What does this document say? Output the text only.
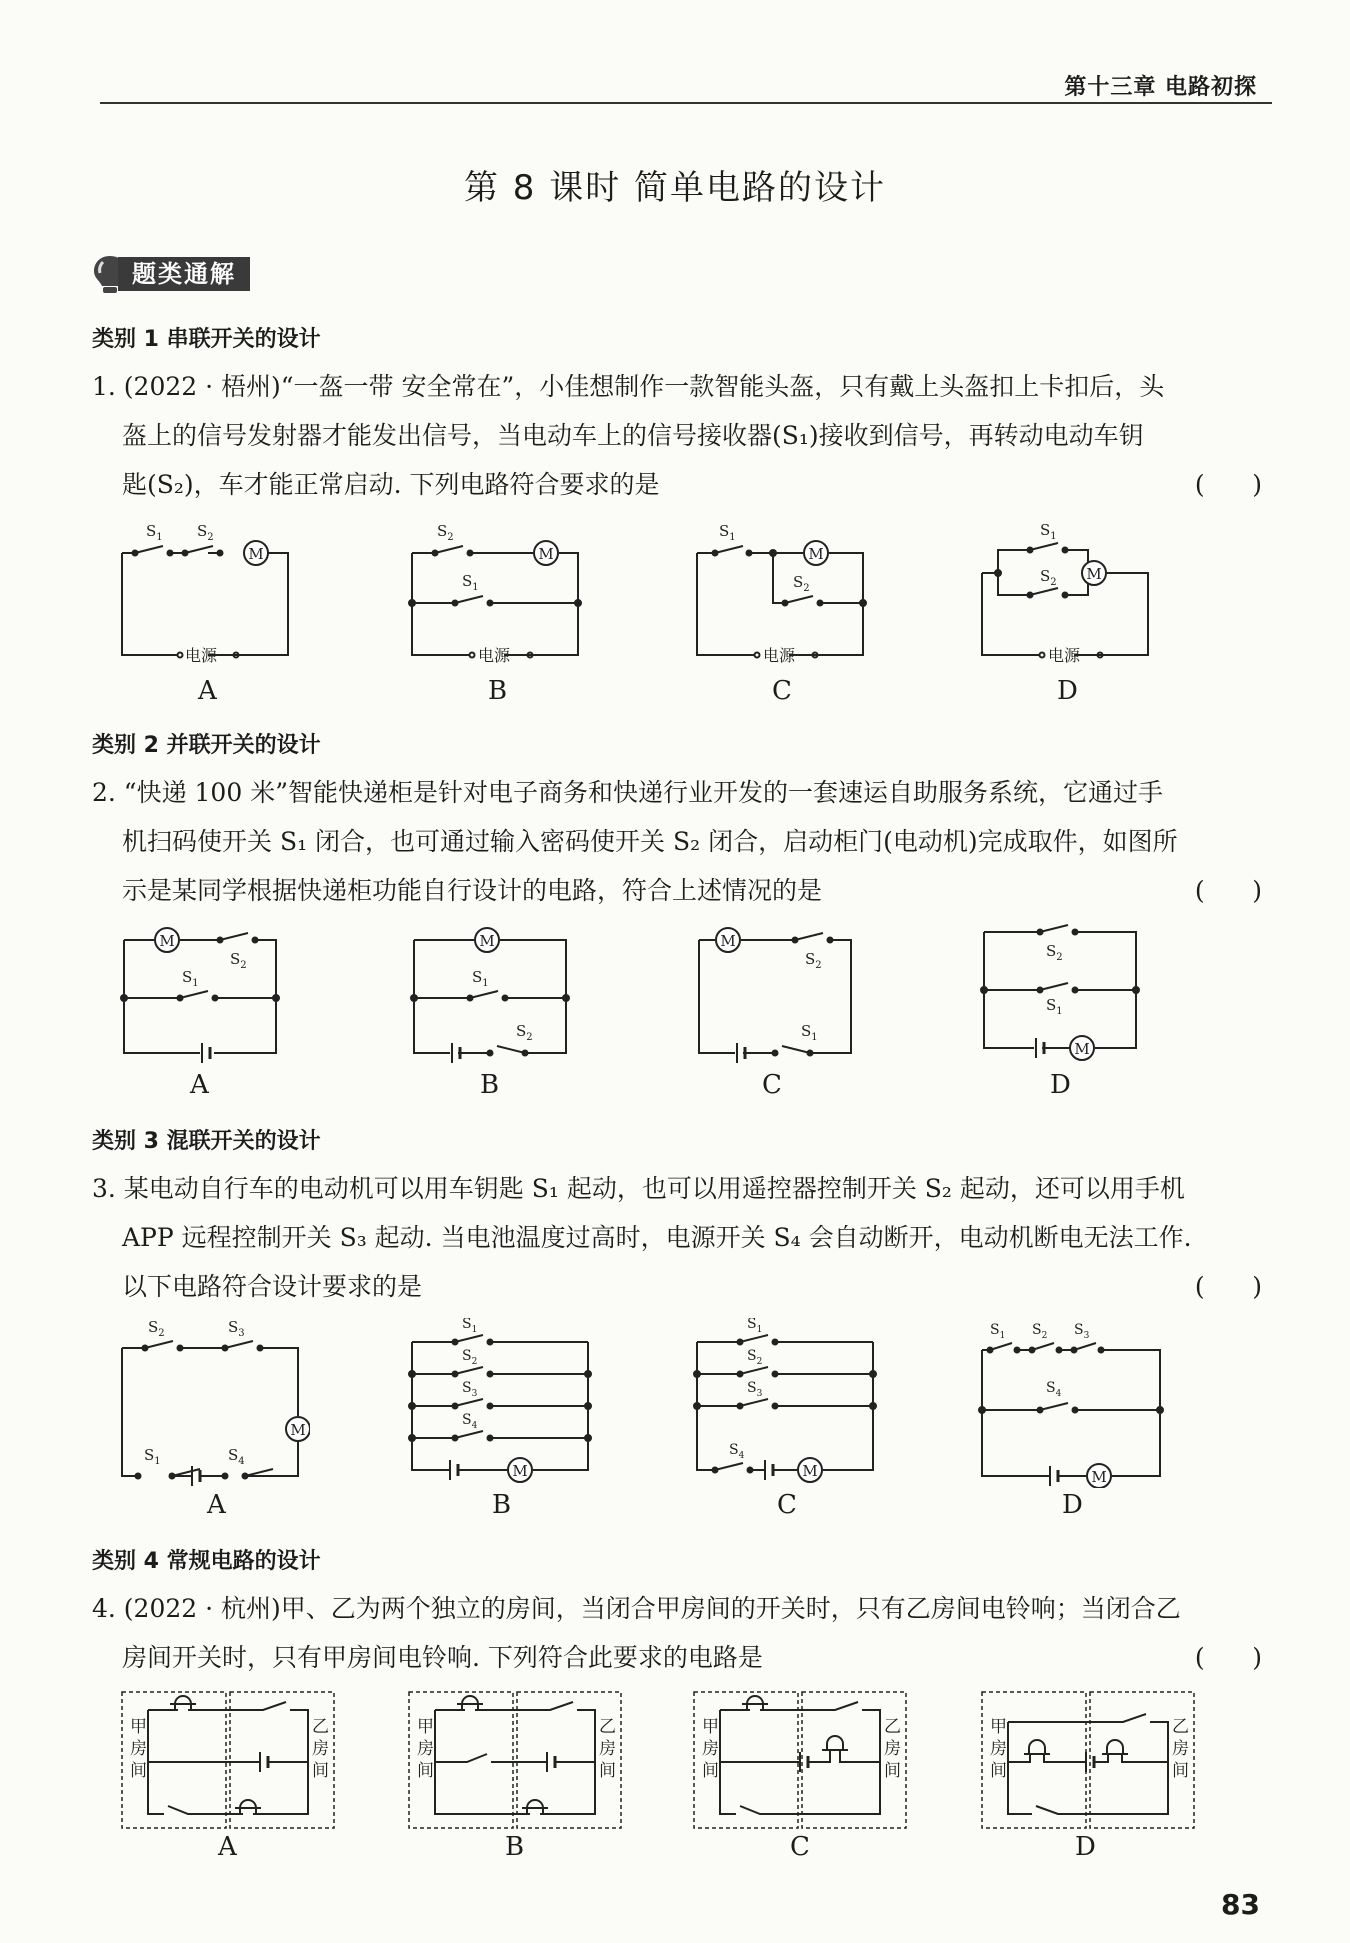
第十三章 电路初探
第 8 课时 简单电路的设计
题类通解
类别 1 串联开关的设计
1. (2022 · 梧州)“一盔一带 安全常在”，小佳想制作一款智能头盔，只有戴上头盔扣上卡扣后，头
盔上的信号发射器才能发出信号，当电动车上的信号接收器(S₁)接收到信号，再转动电动车钥
匙(S₂)，车才能正常启动. 下列电路符合要求的是	(      )
M
电源
$S_1$ $S_2$
A
M
电源
$S_2$
$S_1$
B
M
电源
$S_1$
$S_2$
C
M
电源
$S_1$
$S_2$
D
类别 2 并联开关的设计
2. “快递 100 米”智能快递柜是针对电子商务和快递行业开发的一套速运自助服务系统，它通过手
机扫码使开关 S₁ 闭合，也可通过输入密码使开关 S₂ 闭合，启动柜门(电动机)完成取件，如图所
示是某同学根据快递柜功能自行设计的电路，符合上述情况的是	(      )
M
$S_2$
$S_1$
A
M
$S_1$
$S_2$
B
M
$S_2$
$S_1$
C
M
$S_2$
$S_1$
D
类别 3 混联开关的设计
3. 某电动自行车的电动机可以用车钥匙 S₁ 起动，也可以用遥控器控制开关 S₂ 起动，还可以用手机
APP 远程控制开关 S₃ 起动. 当电池温度过高时，电源开关 S₄ 会自动断开，电动机断电无法工作.
以下电路符合设计要求的是	(      )
M
$S_2$	$S_3$
$S_1$	$S_4$
A
M
$S_1$
$S_2$
$S_3$
$S_4$
B
M
$S_1$
$S_2$
$S_3$
$S_4$
C
M
$S_1$ $S_2$ $S_3$
$S_4$
D
类别 4 常规电路的设计
4. (2022 · 杭州)甲、乙为两个独立的房间，当闭合甲房间的开关时，只有乙房间电铃响；当闭合乙
房间开关时，只有甲房间电铃响. 下列符合此要求的电路是	(      )
甲
房
间
乙
房
间
A
甲
房
间
乙
房
间
B
甲
房
间
乙
房
间
C
甲
房
间
乙
房
间
D
83
